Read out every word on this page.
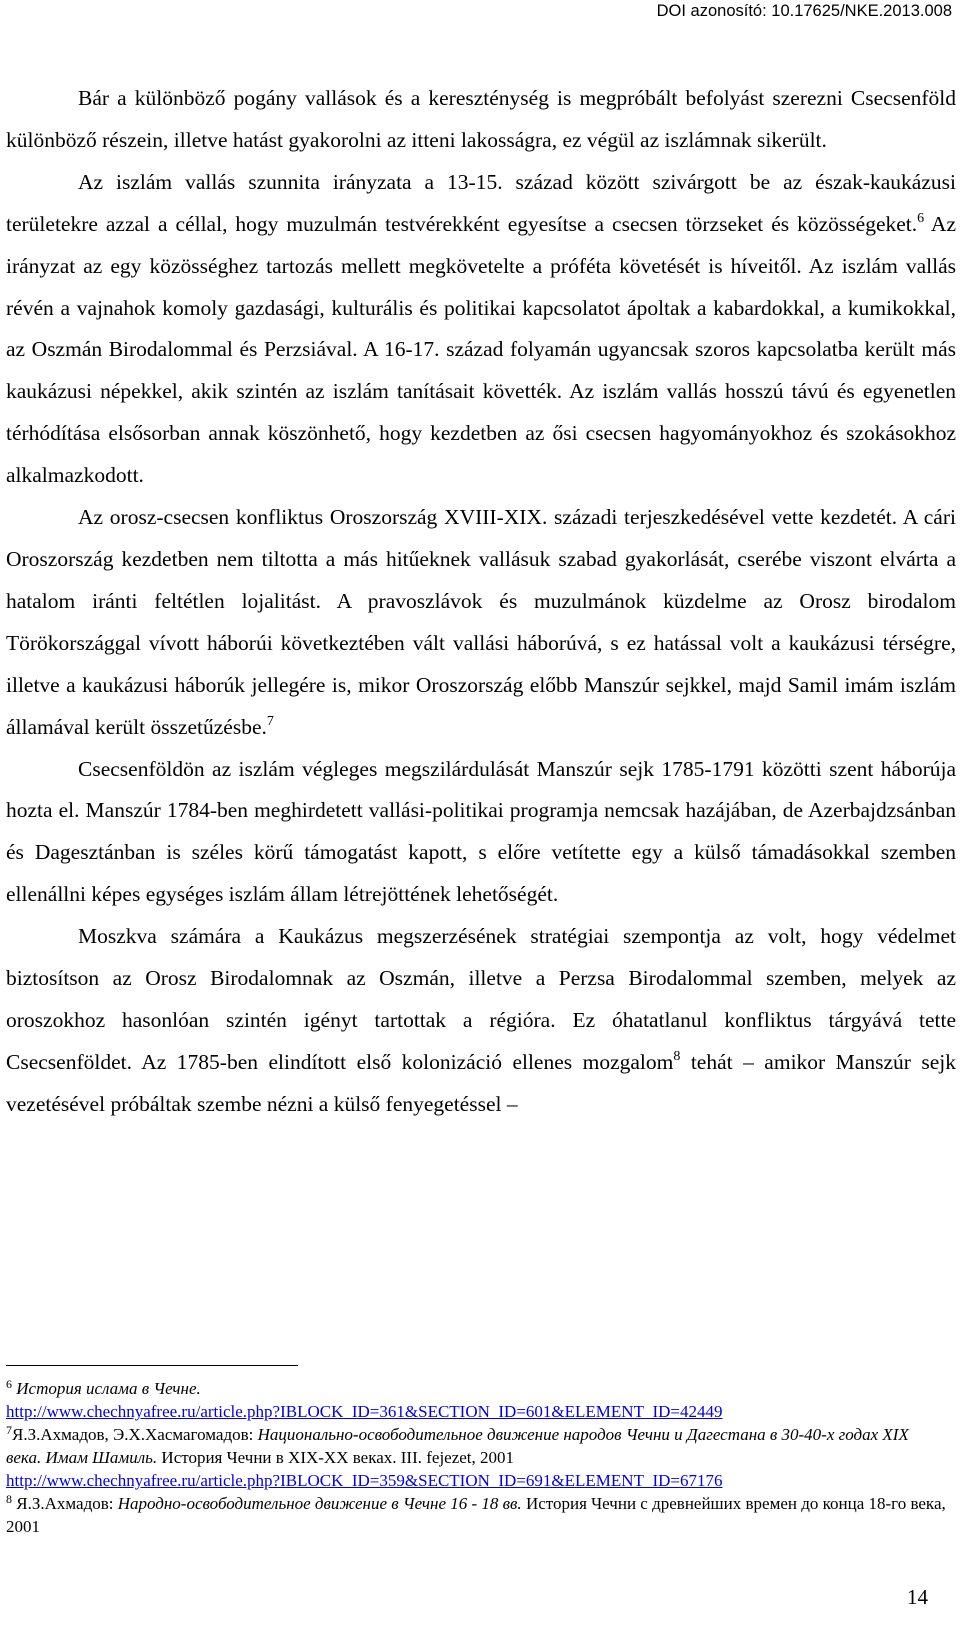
DOI azonosító: 10.17625/NKE.2013.008

Bár a különböző pogány vallások és a kereszténység is megpróbált befolyást szerezni Csecsenföld különböző részein, illetve hatást gyakorolni az itteni lakosságra, ez végül az iszlámnak sikerült.

Az iszlám vallás szunnita irányzata a 13-15. század között szivárgott be az észak-kaukázusi területekre azzal a céllal, hogy muzulmán testvérekként egyesítse a csecsen törzseket és közösségeket.$^6$ Az irányzat az egy közösséghez tartozás mellett megkövetelte a próféta követését is híveitől. Az iszlám vallás révén a vajnahok komoly gazdasági, kulturális és politikai kapcsolatot ápoltak a kabardokkal, a kumikokkal, az Oszmán Birodalommal és Perzsiával. A 16-17. század folyamán ugyancsak szoros kapcsolatba került más kaukázusi népekkel, akik szintén az iszlám tanításait követték. Az iszlám vallás hosszú távú és egyenetlen térhódítása elsősorban annak köszönhető, hogy kezdetben az ősi csecsen hagyományokhoz és szokásokhoz alkalmazkodott.

Az orosz-csecsen konfliktus Oroszország XVIII-XIX. századi terjeszkedésével vette kezdetét. A cári Oroszország kezdetben nem tiltotta a más hitűeknek vallásuk szabad gyakorlását, cserébe viszont elvárta a hatalom iránti feltétlen lojalitást. A pravoszlávok és muzulmánok küzdelme az Orosz birodalom Törökországgal vívott háborúi következtében vált vallási háborúvá, s ez hatással volt a kaukázusi térségre, illetve a kaukázusi háborúk jellegére is, mikor Oroszország előbb Manszúr sejkkel, majd Samil imám iszlám államával került összetűzésbe.$^7$

Csecsenföldön az iszlám végleges megszilárdulását Manszúr sejk 1785-1791 közötti szent háborúja hozta el. Manszúr 1784-ben meghirdetett vallási-politikai programja nemcsak hazájában, de Azerbajdzsánban és Dagesztánban is széles körű támogatást kapott, s előre vetítette egy a külső támadásokkal szemben ellenállni képes egységes iszlám állam létrejöttének lehetőségét.

Moszkva számára a Kaukázus megszerzésének stratégiai szempontja az volt, hogy védelmet biztosítson az Orosz Birodalomnak az Oszmán, illetve a Perzsa Birodalommal szemben, melyek az oroszokhoz hasonlóan szintén igényt tartottak a régióra. Ez óhatatlanul konfliktus tárgyává tette Csecsenföldet. Az 1785-ben elindított első kolonizáció ellenes mozgalom$^8$ tehát – amikor Manszúr sejk vezetésével próbáltak szembe nézni a külső fenyegetéssel –

$^6$ История ислама в Чечне.
http://www.chechnyafree.ru/article.php?IBLOCK_ID=361&SECTION_ID=601&ELEMENT_ID=42449
$^7$Я.З.Ахмадов, Э.Х.Хасмагомадов: Национально-освободительное движение народов Чечни и Дагестана в 30-40-х годах XIX века. Имам Шамиль. История Чечни в XIX-XX веках. III. fejezet, 2001
http://www.chechnyafree.ru/article.php?IBLOCK_ID=359&SECTION_ID=691&ELEMENT_ID=67176
$^8$ Я.З.Ахмадов: Народно-освободительное движение в Чечне 16 - 18 вв. История Чечни с древнейших времен до конца 18-го века, 2001
14
